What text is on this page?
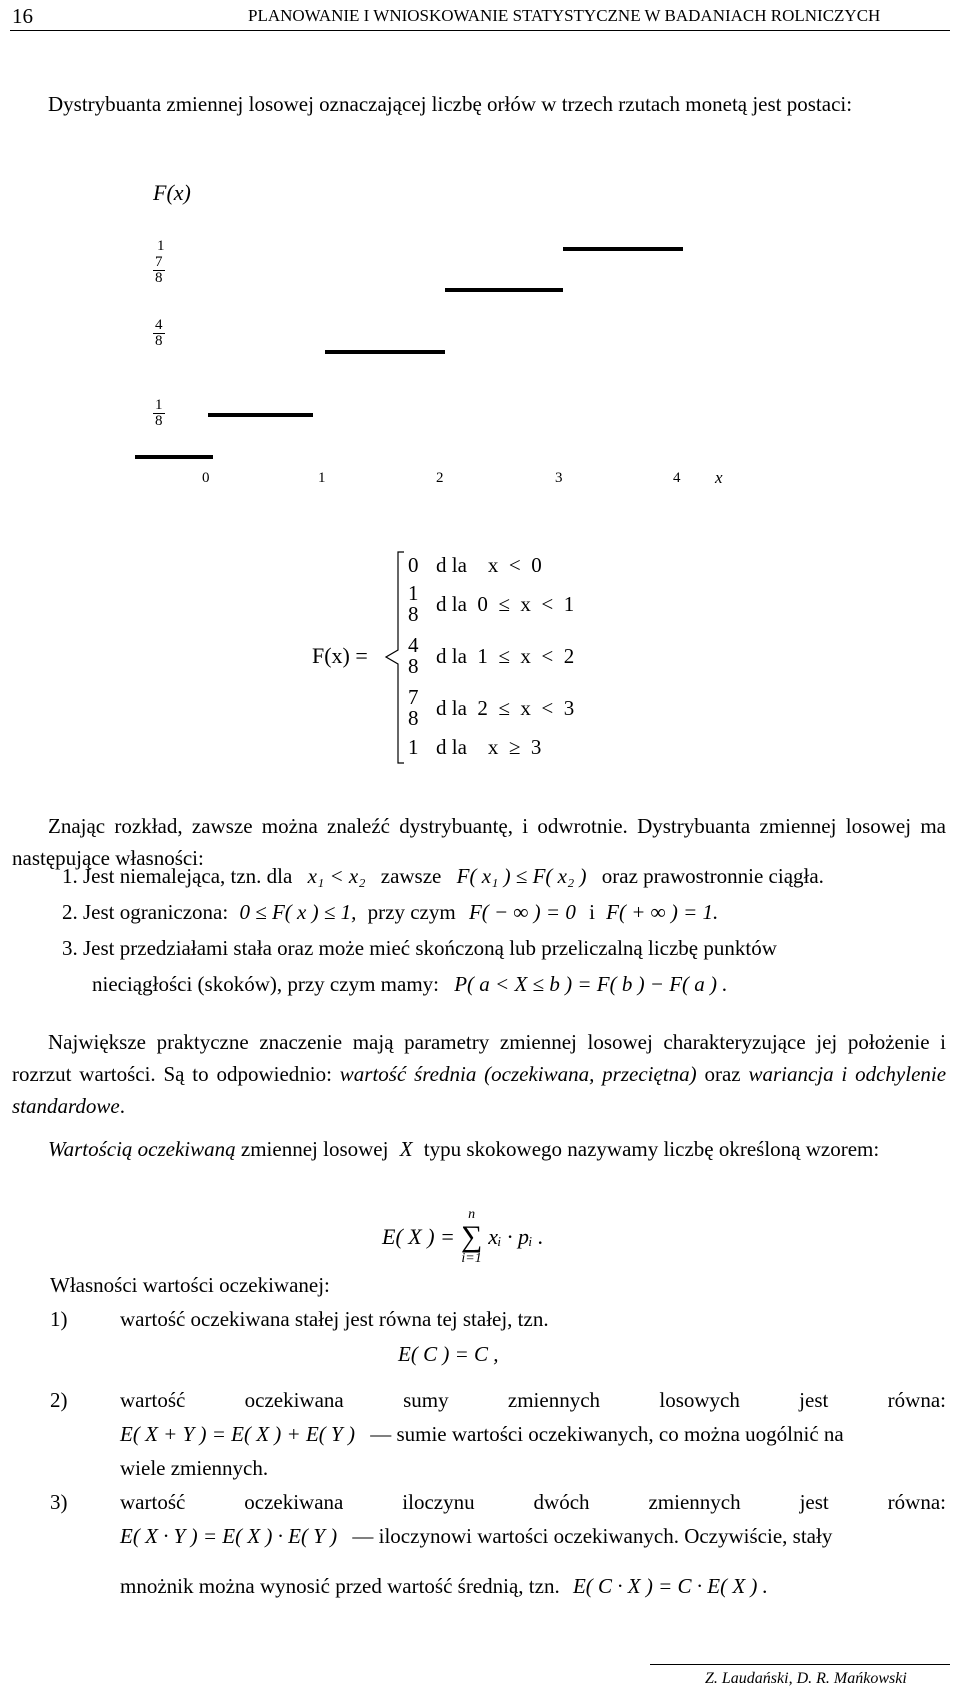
16	PLANOWANIE I WNIOSKOWANIE STATYSTYCZNE W BADANIACH ROLNICZYCH
Dystrybuanta zmiennej losowej oznaczającej liczbę orłów w trzech rzutach monetą jest postaci:
F(x)
1
$\frac{7}{8}$
$\frac{4}{8}$
$\frac{1}{8}$
0	1	2	3	4 x
F(x) =
0 d la    x  <  0
1
8 d la  0  ≤  x  <  1
4
8 d la  1  ≤  x  <  2
7
8 d la  2  ≤  x  <  3
1 d la    x  ≥  3
Znając rozkład, zawsze można znaleźć dystrybuantę, i odwrotnie. Dystrybuanta zmiennej losowej ma następujące własności:
1. Jest niemalejąca, tzn. dla x₁ < x₂ zawsze F( x₁ ) ≤ F( x₂ ) oraz prawostronnie ciągła.
2. Jest ograniczona: 0 ≤ F( x ) ≤ 1, przy czym F( − ∞ ) = 0 i F( + ∞ ) = 1.
3. Jest przedziałami stała oraz może mieć skończoną lub przeliczalną liczbę punktów
nieciągłości (skoków), przy czym mamy: P( a < X ≤ b ) = F( b ) − F( a ) .
Największe praktyczne znaczenie mają parametry zmiennej losowej charakteryzujące jej położenie i rozrzut wartości. Są to odpowiednio: wartość średnia (oczekiwana, przeciętna) oraz wariancja i odchylenie standardowe.
Wartością oczekiwaną zmiennej losowej X typu skokowego nazywamy liczbę określoną wzorem:
E( X ) =
n
∑
i=1
xᵢ · pᵢ .
Własności wartości oczekiwanej:
1)	wartość oczekiwana stałej jest równa tej stałej, tzn.
E( C ) = C ,
2)	wartość oczekiwana sumy zmiennych losowych jest równa:
E( X + Y ) = E( X ) + E( Y ) — sumie wartości oczekiwanych, co można uogólnić na
wiele zmiennych.
3)	wartość oczekiwana iloczynu dwóch zmiennych jest równa:
E( X · Y ) = E( X ) · E( Y ) — iloczynowi wartości oczekiwanych. Oczywiście, stały
mnożnik można wynosić przed wartość średnią, tzn. E( C · X ) = C · E( X ) .
Z. Laudański, D. R. Mańkowski
